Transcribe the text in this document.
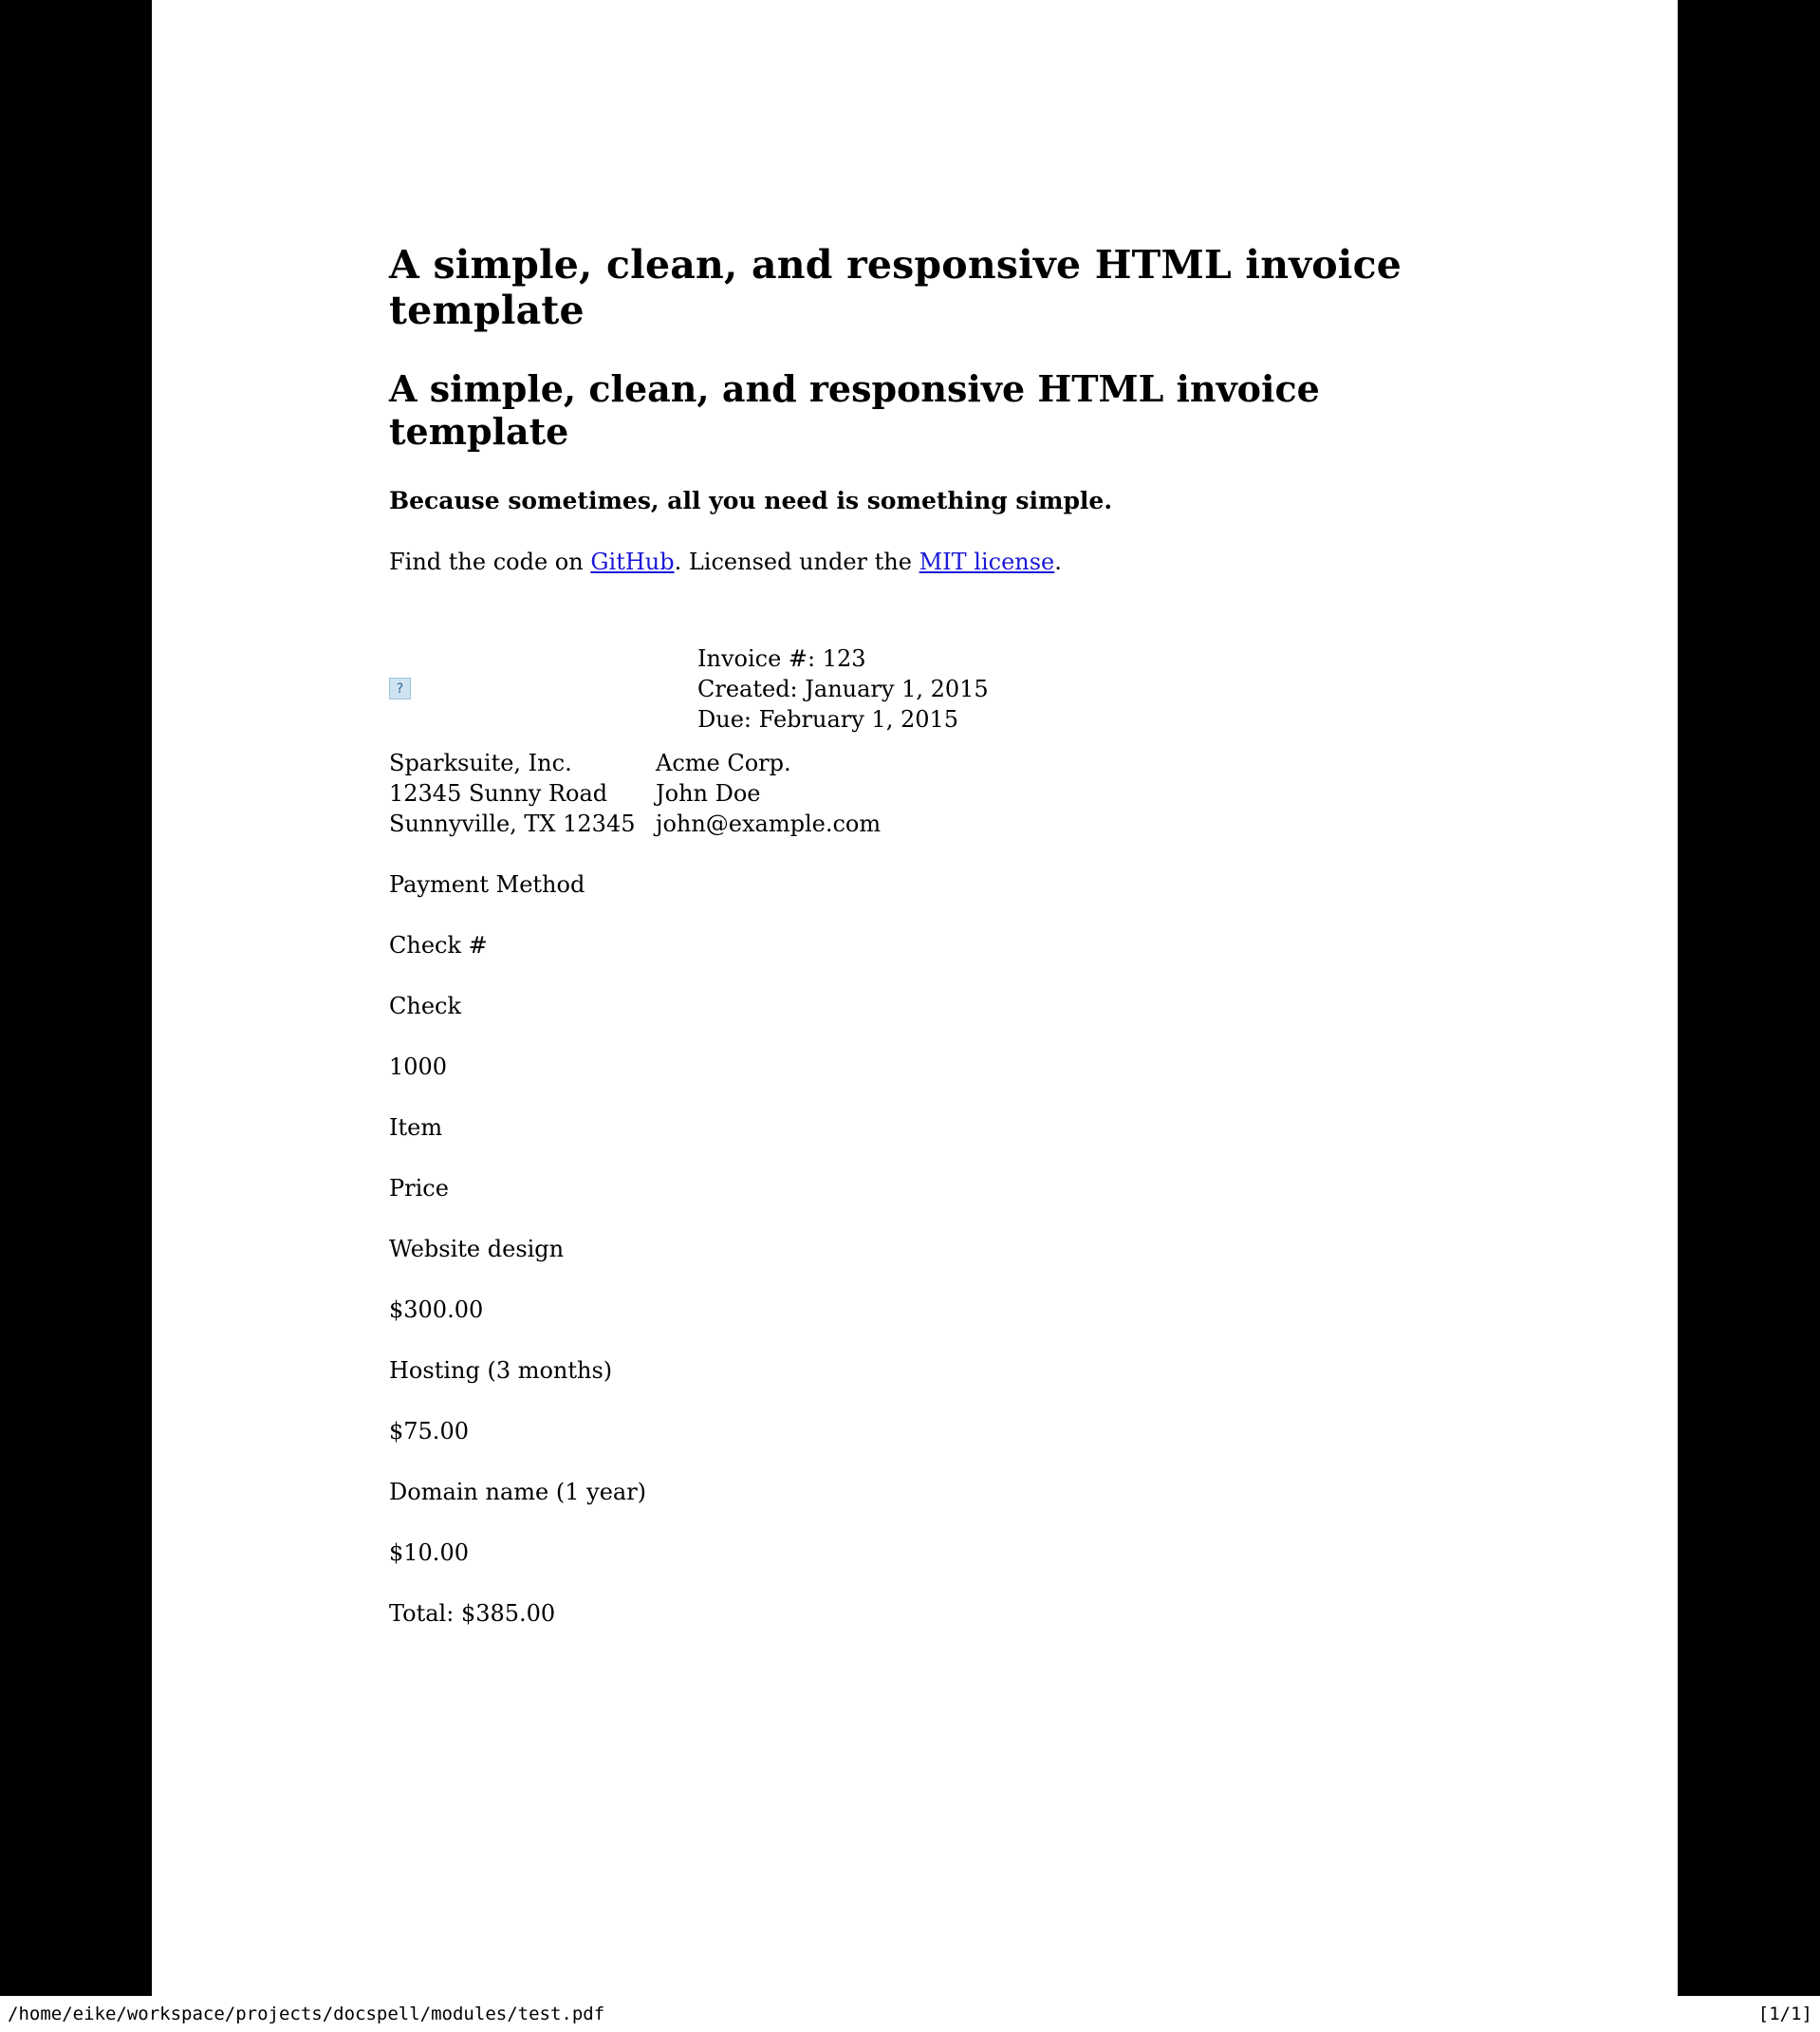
A simple, clean, and responsive HTML invoice template
A simple, clean, and responsive HTML invoice template
Because sometimes, all you need is something simple.

Find the code on GitHub. Licensed under the MIT license.

?
Invoice #: 123
Created: January 1, 2015
Due: February 1, 2015
Sparksuite, Inc.
12345 Sunny Road
Sunnyville, TX 12345
Acme Corp.
John Doe
john@example.com

Payment Method

Check #

Check

1000

Item

Price

Website design

$300.00

Hosting (3 months)

$75.00

Domain name (1 year)

$10.00

Total: $385.00

/home/eike/workspace/projects/docspell/modules/test.pdf	[1/1]
